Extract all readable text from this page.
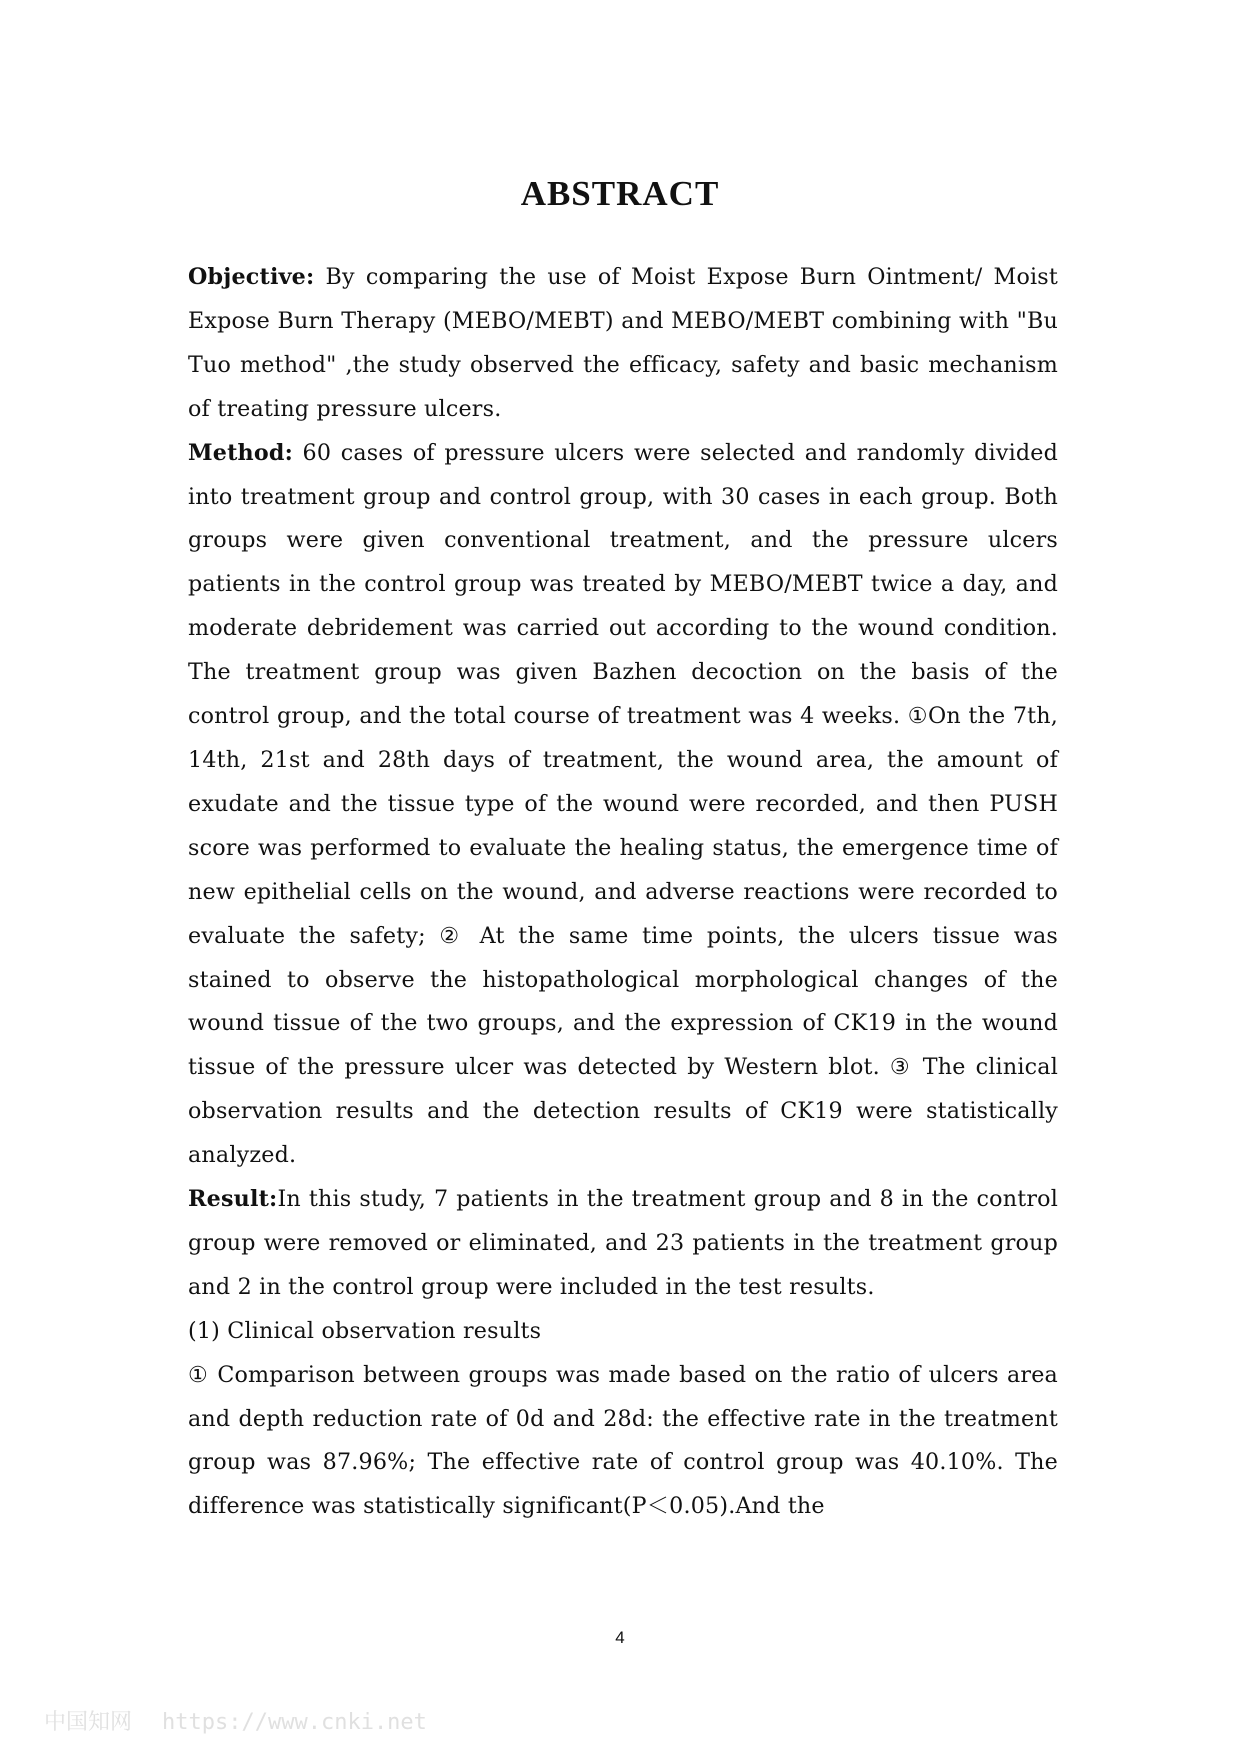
ABSTRACT

Objective: By comparing the use of Moist Expose Burn Ointment/ Moist Expose Burn Therapy (MEBO/MEBT) and MEBO/MEBT combining with "Bu Tuo method" ,the study observed the efficacy, safety and basic mechanism of treating pressure ulcers.

Method: 60 cases of pressure ulcers were selected and randomly divided into treatment group and control group, with 30 cases in each group. Both groups were given conventional treatment, and the pressure ulcers patients in the control group was treated by MEBO/MEBT twice a day, and moderate debridement was carried out according to the wound condition. The treatment group was given Bazhen decoction on the basis of the control group, and the total course of treatment was 4 weeks. ①On the 7th, 14th, 21st and 28th days of treatment, the wound area, the amount of exudate and the tissue type of the wound were recorded, and then PUSH score was performed to evaluate the healing status, the emergence time of new epithelial cells on the wound, and adverse reactions were recorded to evaluate the safety; ② At the same time points, the ulcers tissue was stained to observe the histopathological morphological changes of the wound tissue of the two groups, and the expression of CK19 in the wound tissue of the pressure ulcer was detected by Western blot. ③ The clinical observation results and the detection results of CK19 were statistically analyzed.

Result:In this study, 7 patients in the treatment group and 8 in the control group were removed or eliminated, and 23 patients in the treatment group and 2 in the control group were included in the test results.

(1) Clinical observation results

① Comparison between groups was made based on the ratio of ulcers area and depth reduction rate of 0d and 28d: the effective rate in the treatment group was 87.96%; The effective rate of control group was 40.10%. The difference was statistically significant(P＜0.05).And the

4
中国知网 https://www.cnki.net
